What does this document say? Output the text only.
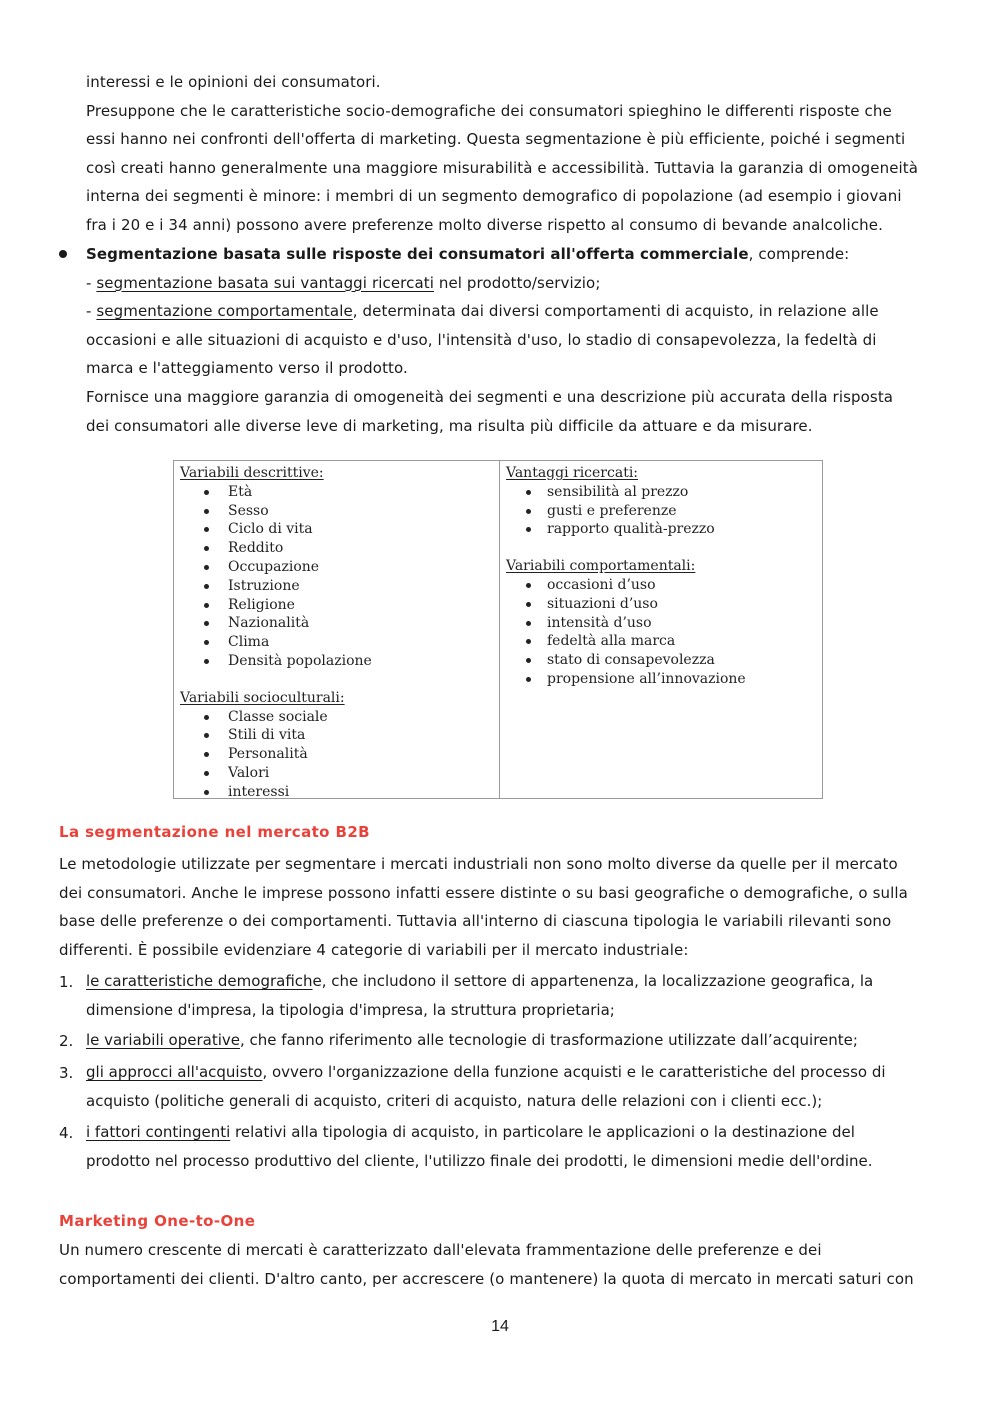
interessi e le opinioni dei consumatori.
Presuppone che le caratteristiche socio-demografiche dei consumatori spieghino le differenti risposte che
essi hanno nei confronti dell'offerta di marketing. Questa segmentazione è più efficiente, poiché i segmenti
così creati hanno generalmente una maggiore misurabilità e accessibilità. Tuttavia la garanzia di omogeneità
interna dei segmenti è minore: i membri di un segmento demografico di popolazione (ad esempio i giovani
fra i 20 e i 34 anni) possono avere preferenze molto diverse rispetto al consumo di bevande analcoliche.
Segmentazione basata sulle risposte dei consumatori all'offerta commerciale, comprende:
- segmentazione basata sui vantaggi ricercati nel prodotto/servizio;
- segmentazione comportamentale, determinata dai diversi comportamenti di acquisto, in relazione alle
occasioni e alle situazioni di acquisto e d'uso, l'intensità d'uso, lo stadio di consapevolezza, la fedeltà di
marca e l'atteggiamento verso il prodotto.
Fornisce una maggiore garanzia di omogeneità dei segmenti e una descrizione più accurata della risposta
dei consumatori alle diverse leve di marketing, ma risulta più difficile da attuare e da misurare.
Variabili descrittive:
Età
Sesso
Ciclo di vita
Reddito
Occupazione
Istruzione
Religione
Nazionalità
Clima
Densità popolazione
Variabili socioculturali:
Classe sociale
Stili di vita
Personalità
Valori
interessi
Vantaggi ricercati:
sensibilità al prezzo
gusti e preferenze
rapporto qualità-prezzo
Variabili comportamentali:
occasioni d’uso
situazioni d’uso
intensità d’uso
fedeltà alla marca
stato di consapevolezza
propensione all’innovazione
La segmentazione nel mercato B2B
Le metodologie utilizzate per segmentare i mercati industriali non sono molto diverse da quelle per il mercato
dei consumatori. Anche le imprese possono infatti essere distinte o su basi geografiche o demografiche, o sulla
base delle preferenze o dei comportamenti. Tuttavia all'interno di ciascuna tipologia le variabili rilevanti sono
differenti. È possibile evidenziare 4 categorie di variabili per il mercato industriale:
1. le caratteristiche demografiche, che includono il settore di appartenenza, la localizzazione geografica, la
dimensione d'impresa, la tipologia d'impresa, la struttura proprietaria;
2. le variabili operative, che fanno riferimento alle tecnologie di trasformazione utilizzate dall’acquirente;
3. gli approcci all'acquisto, ovvero l'organizzazione della funzione acquisti e le caratteristiche del processo di
acquisto (politiche generali di acquisto, criteri di acquisto, natura delle relazioni con i clienti ecc.);
4. i fattori contingenti relativi alla tipologia di acquisto, in particolare le applicazioni o la destinazione del
prodotto nel processo produttivo del cliente, l'utilizzo finale dei prodotti, le dimensioni medie dell'ordine.
Marketing One-to-One
Un numero crescente di mercati è caratterizzato dall'elevata frammentazione delle preferenze e dei
comportamenti dei clienti. D'altro canto, per accrescere (o mantenere) la quota di mercato in mercati saturi con
14
